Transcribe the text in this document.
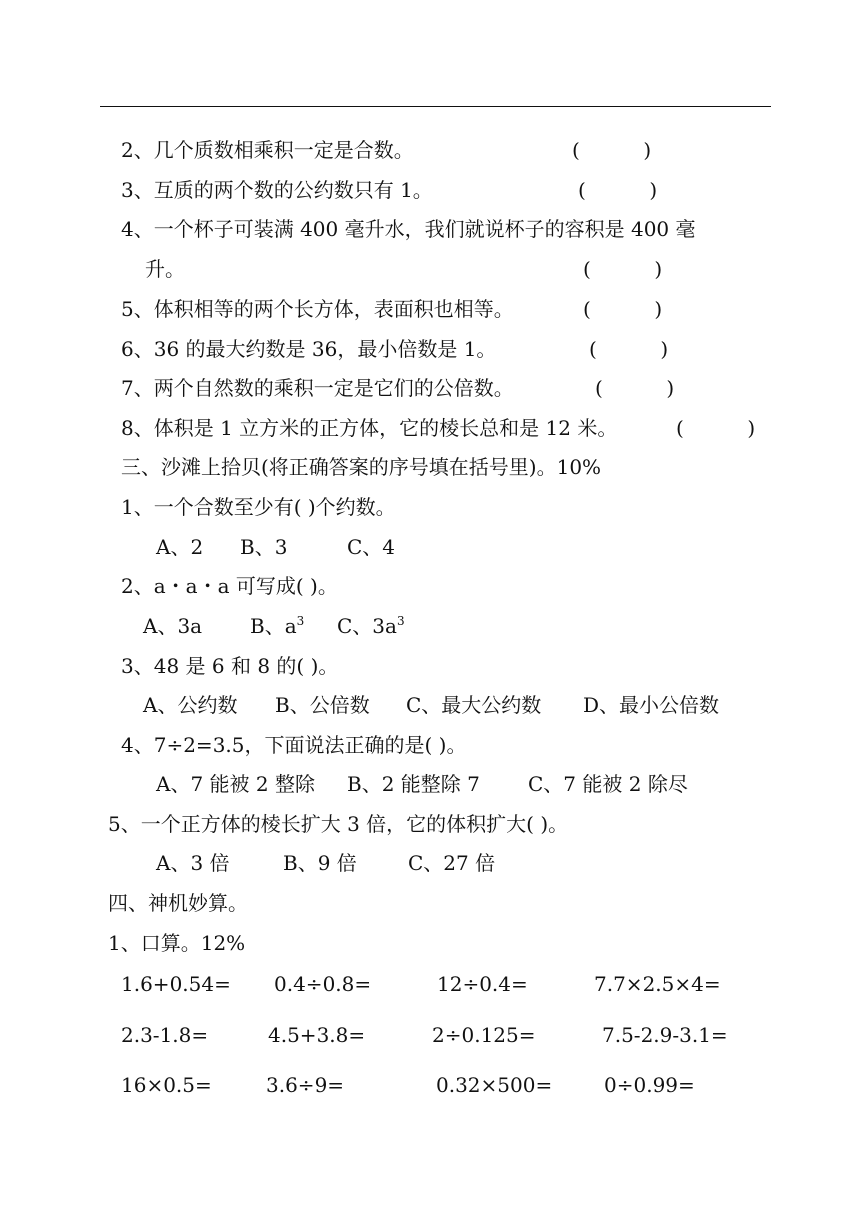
2、几个质数相乘积一定是合数。	(          )
3、互质的两个数的公约数只有 1。	(          )
4、一个杯子可装满 400 毫升水，我们就说杯子的容积是 400 毫
升。	(          )
5、体积相等的两个长方体，表面积也相等。	(          )
6、36 的最大约数是 36，最小倍数是 1。	(          )
7、两个自然数的乘积一定是它们的公倍数。	(          )
8、体积是 1 立方米的正方体，它的棱长总和是 12 米。	(          )
三、沙滩上拾贝(将正确答案的序号填在括号里)。10%
1、一个合数至少有( )个约数。
A、2 B、3	C、4
2、a・a・a 可写成( )。
A、3a B、$a^3$ C、$3a^3$
3、48 是 6 和 8 的( )。
A、公约数 B、公倍数 C、最大公约数 D、最小公倍数
4、7÷2=3.5，下面说法正确的是( )。
A、7 能被 2 整除 B、2 能整除 7 C、7 能被 2 除尽
5、一个正方体的棱长扩大 3 倍，它的体积扩大( )。
A、3 倍	B、9 倍	C、27 倍
四、神机妙算。
1、口算。12%
1.6+0.54= 0.4÷0.8=	12÷0.4=	7.7×2.5×4=
2.3-1.8=	4.5+3.8=	2÷0.125=	7.5-2.9-3.1=
16×0.5=	3.6÷9=	0.32×500=	0÷0.99=
